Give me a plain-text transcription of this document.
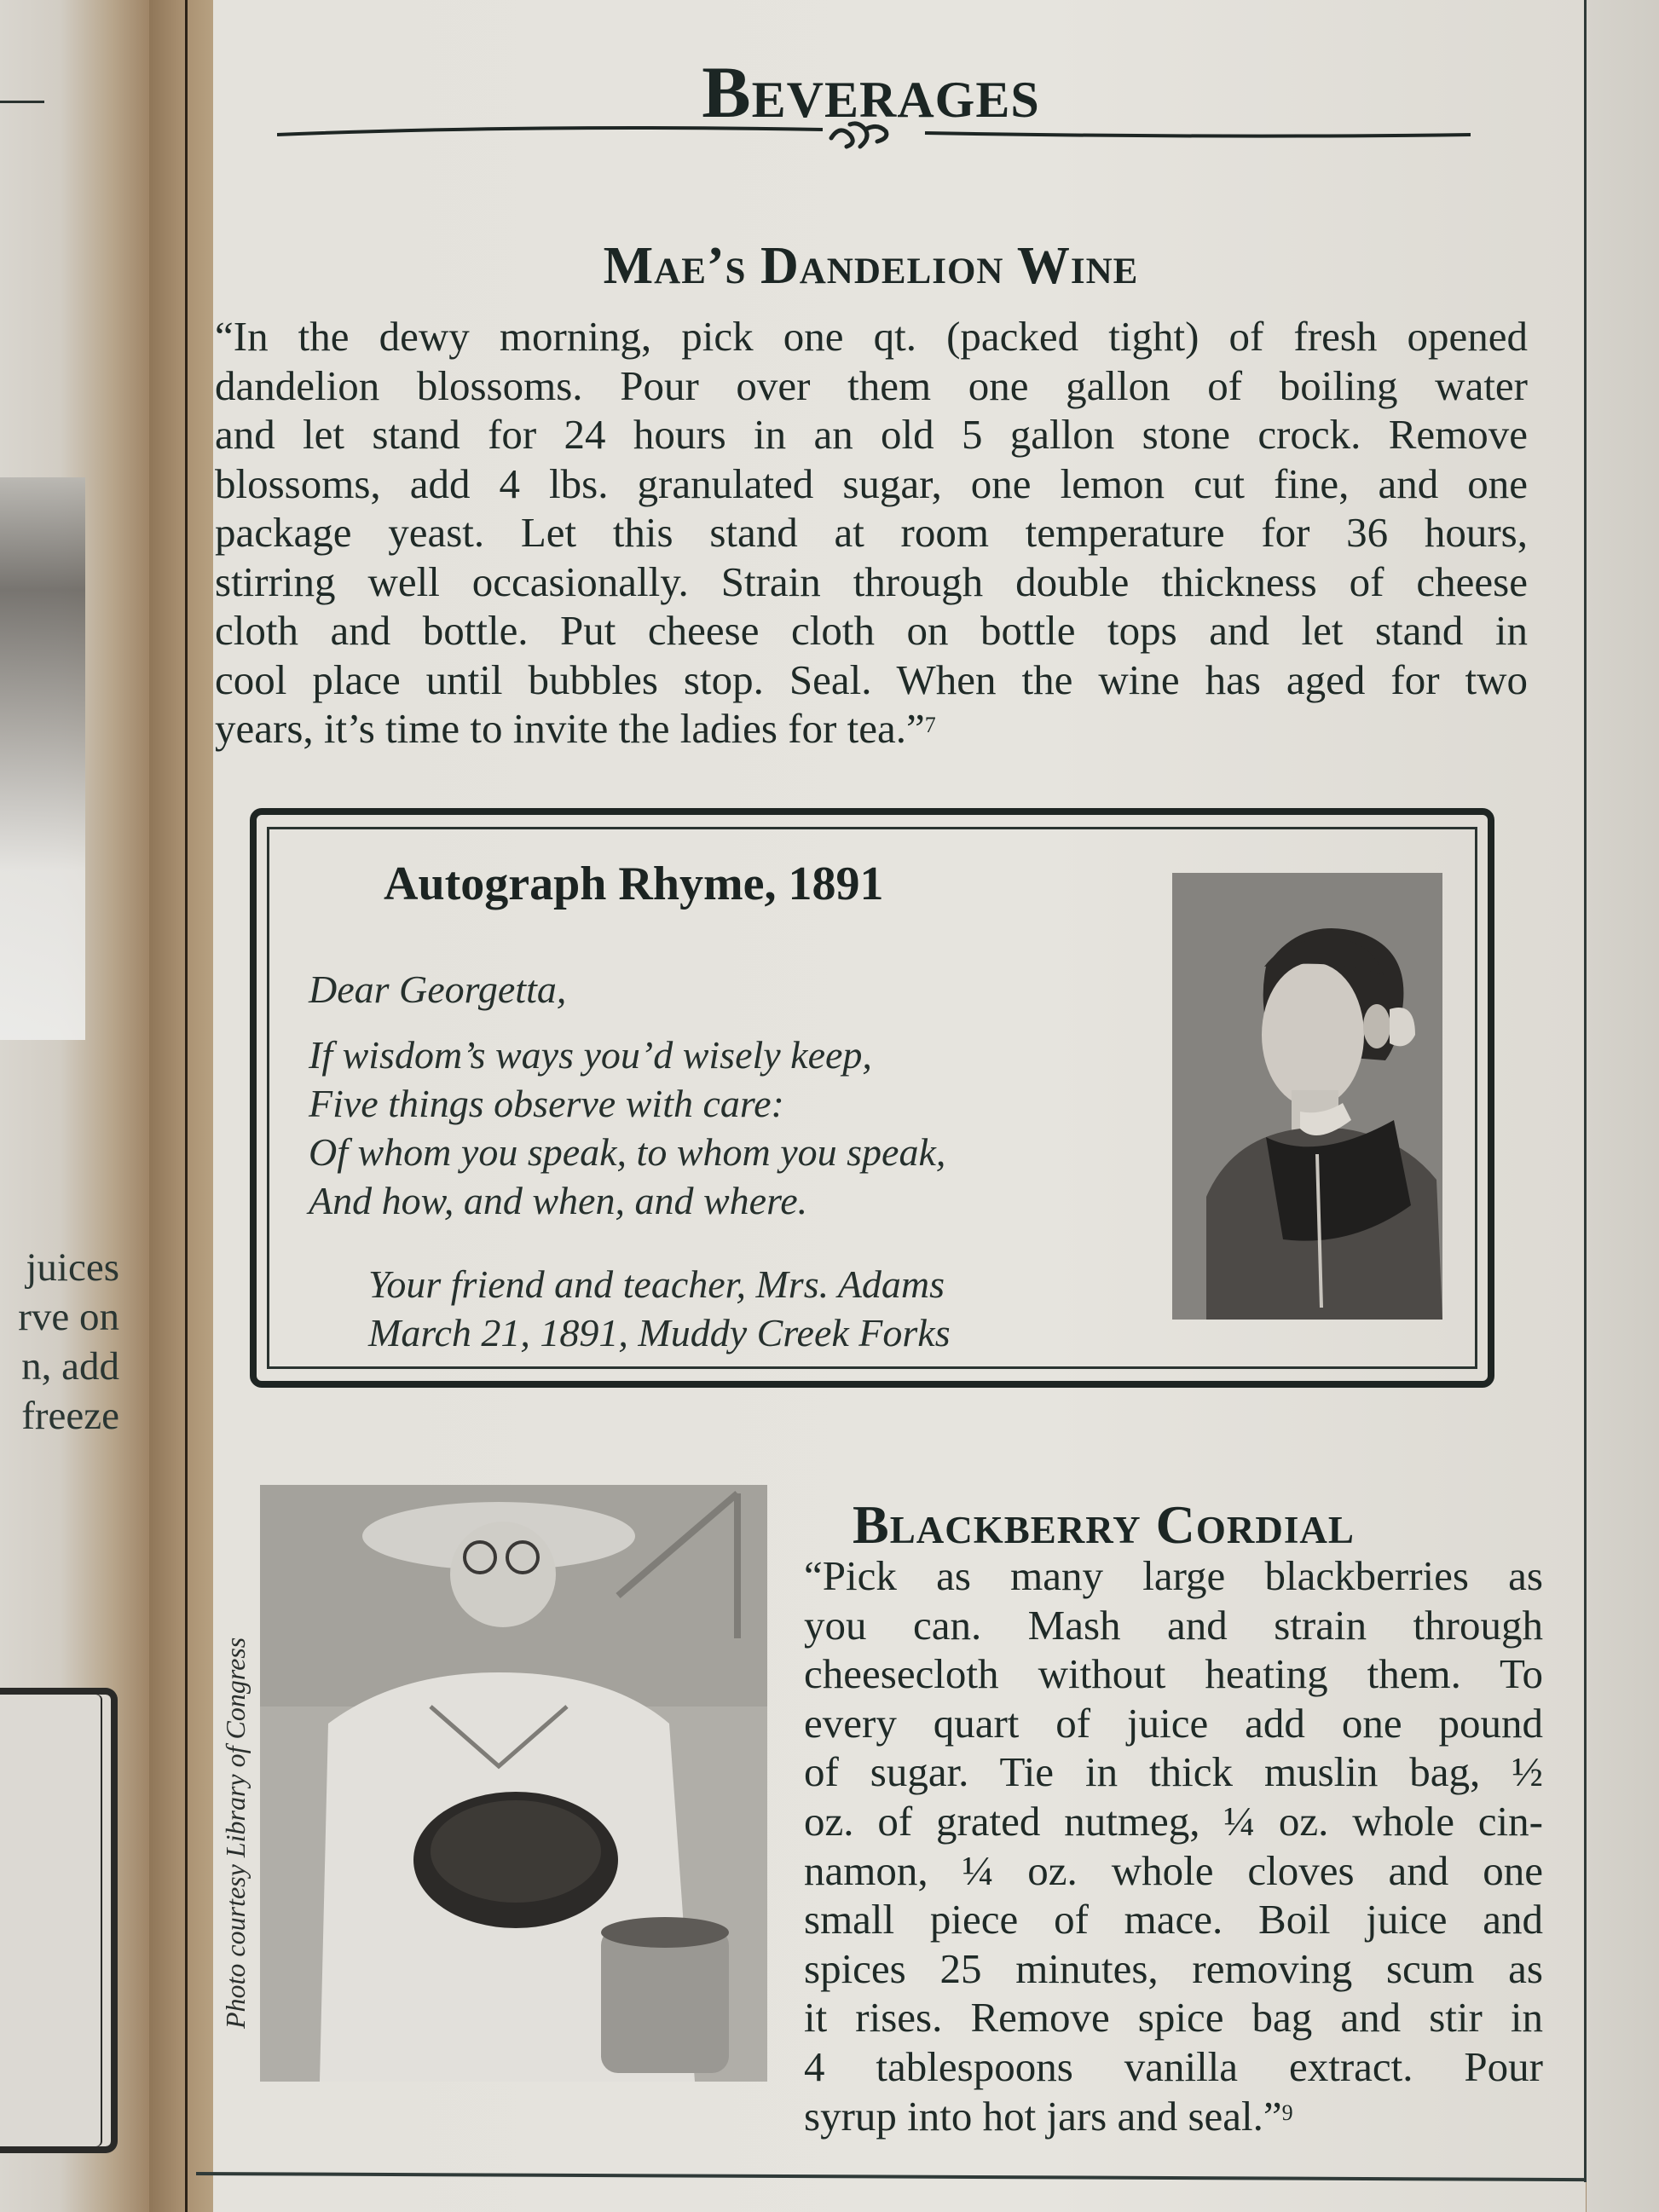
juices
rve on
n, add
freeze
Beverages
Mae’s Dandelion Wine
“In the dewy morning, pick one qt. (packed tight) of fresh opened
dandelion blossoms. Pour over them one gallon of boiling water
and let stand for 24 hours in an old 5 gallon stone crock. Remove
blossoms, add 4 lbs. granulated sugar, one lemon cut fine, and one
package yeast. Let this stand at room temperature for 36 hours,
stirring well occasionally. Strain through double thickness of cheese
cloth and bottle. Put cheese cloth on bottle tops and let stand in
cool place until bubbles stop. Seal. When the wine has aged for two
years, it’s time to invite the ladies for tea.”$^7$
Autograph Rhyme, 1891
Dear Georgetta,
If wisdom’s ways you’d wisely keep,
Five things observe with care:
Of whom you speak, to whom you speak,
And how, and when, and where.
Your friend and teacher, Mrs. Adams
March 21, 1891, Muddy Creek Forks
Photo courtesy Library of Congress
Blackberry Cordial
“Pick as many large blackberries as
you can. Mash and strain through
cheesecloth without heating them. To
every quart of juice add one pound
of sugar. Tie in thick muslin bag, ½
oz. of grated nutmeg, ¼ oz. whole cin-
namon, ¼ oz. whole cloves and one
small piece of mace. Boil juice and
spices 25 minutes, removing scum as
it rises. Remove spice bag and stir in
4 tablespoons vanilla extract. Pour
syrup into hot jars and seal.”$^9$
